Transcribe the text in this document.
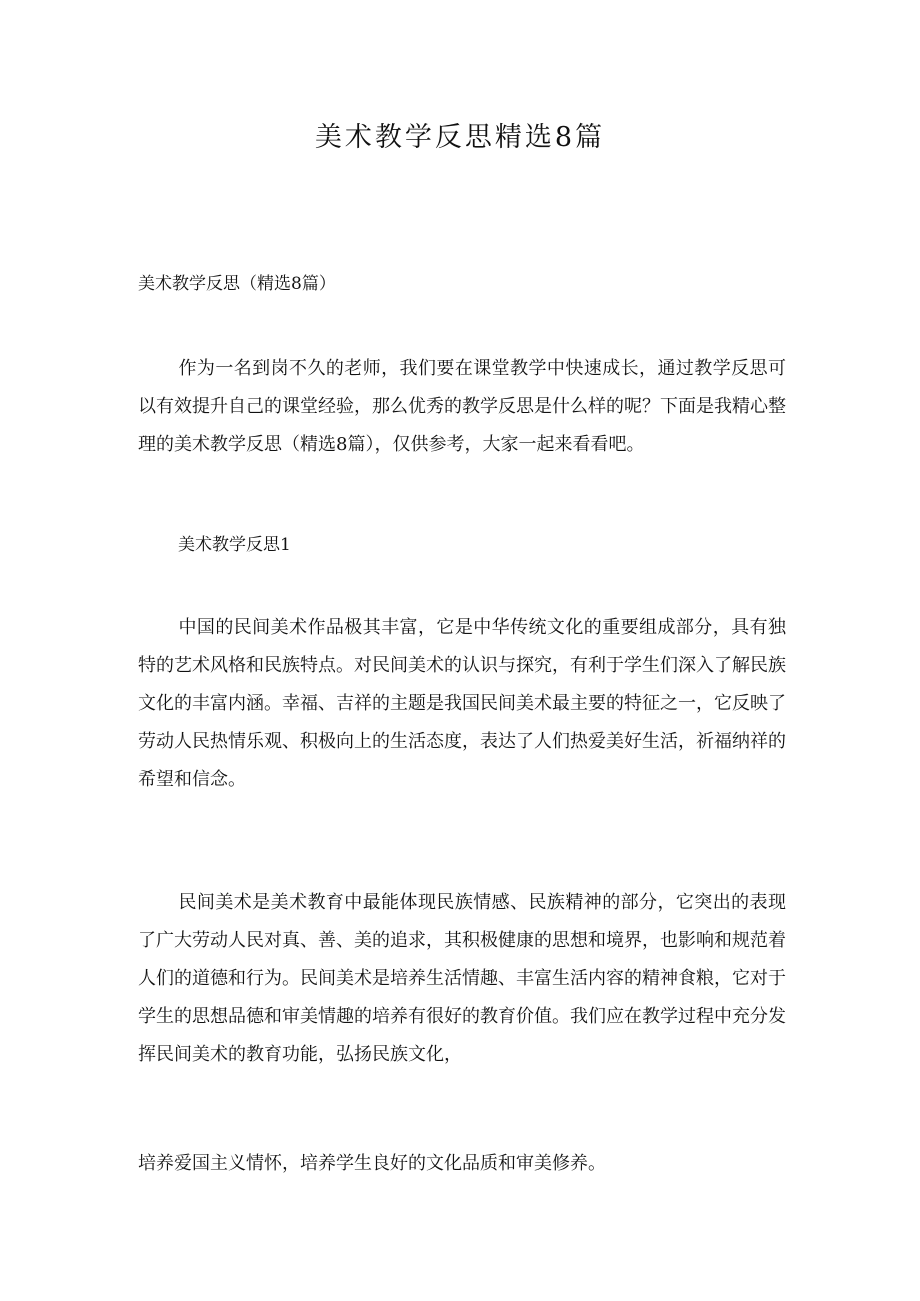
美术教学反思精选8篇

美术教学反思（精选8篇）

作为一名到岗不久的老师，我们要在课堂教学中快速成长，通过教学反思可以有效提升自己的课堂经验，那么优秀的教学反思是什么样的呢？下面是我精心整理的美术教学反思（精选8篇），仅供参考，大家一起来看看吧。

美术教学反思1

中国的民间美术作品极其丰富，它是中华传统文化的重要组成部分，具有独特的艺术风格和民族特点。对民间美术的认识与探究，有利于学生们深入了解民族文化的丰富内涵。幸福、吉祥的主题是我国民间美术最主要的特征之一，它反映了劳动人民热情乐观、积极向上的生活态度，表达了人们热爱美好生活，祈福纳祥的希望和信念。

民间美术是美术教育中最能体现民族情感、民族精神的部分，它突出的表现了广大劳动人民对真、善、美的追求，其积极健康的思想和境界，也影响和规范着人们的道德和行为。民间美术是培养生活情趣、丰富生活内容的精神食粮，它对于学生的思想品德和审美情趣的培养有很好的教育价值。我们应在教学过程中充分发挥民间美术的教育功能，弘扬民族文化，

培养爱国主义情怀，培养学生良好的文化品质和审美修养。
